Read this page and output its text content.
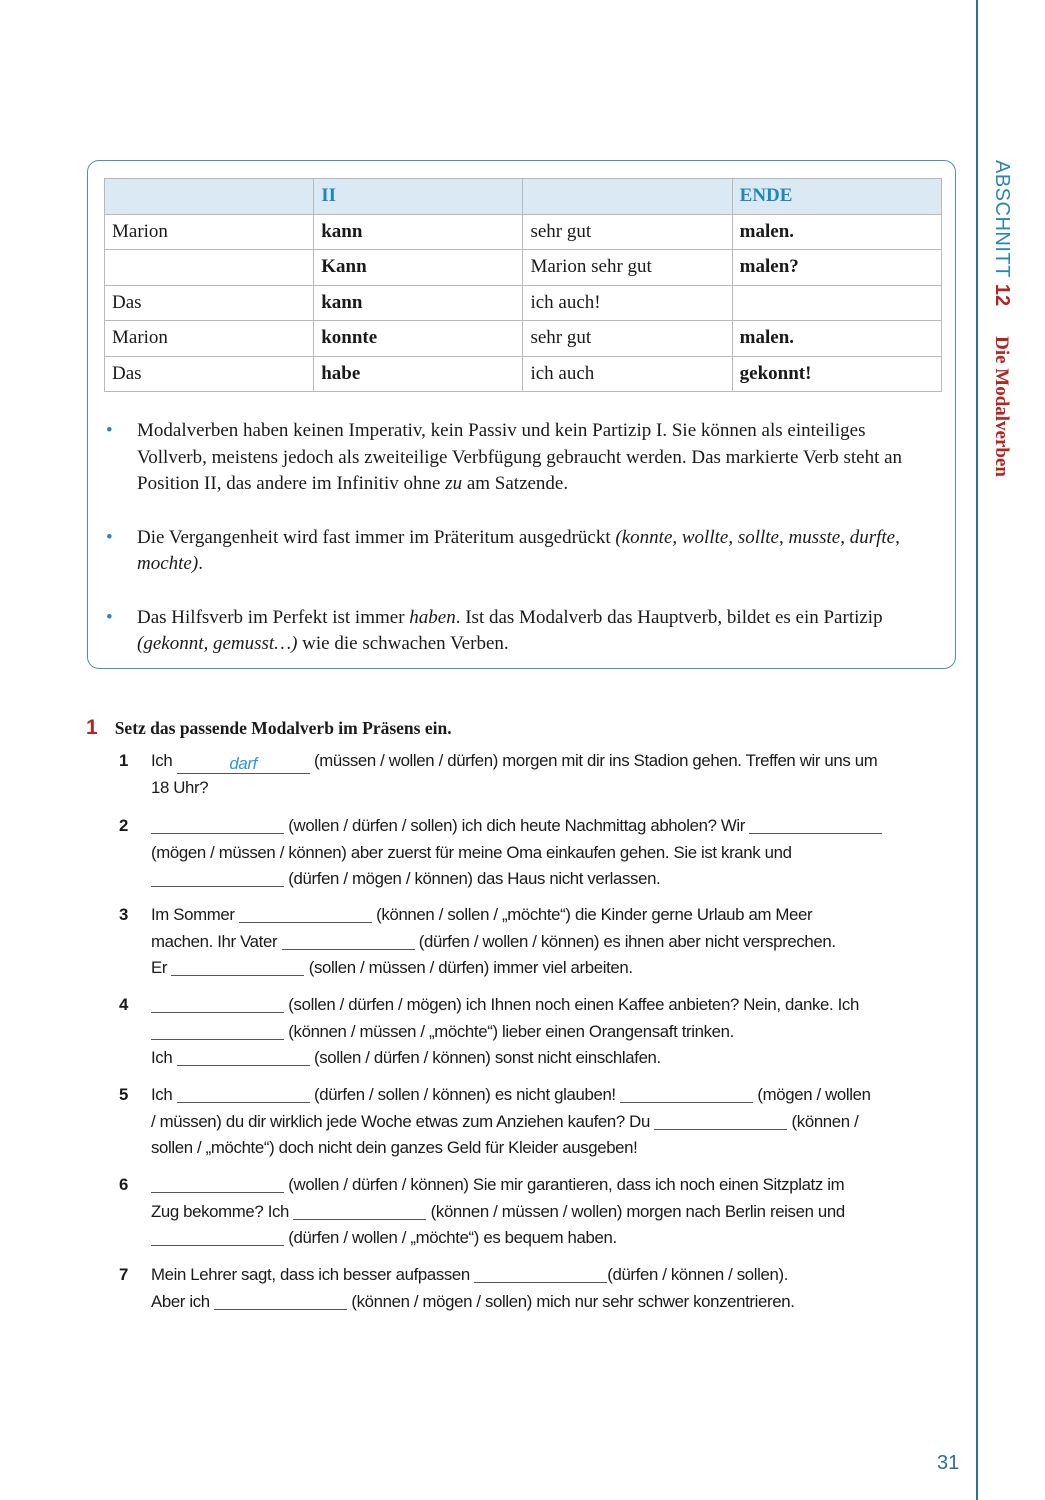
ABSCHNITT12Die Modalverben
	II		ENDE
Marion	kann	sehr gut	malen.
	Kann	Marion sehr gut	malen?
Das	kann	ich auch!	
Marion	konnte	sehr gut	malen.
Das	habe	ich auch	gekonnt!
• Modalverben haben keinen Imperativ, kein Passiv und kein Partizip I. Sie können als einteiliges Vollverb, meistens jedoch als zweiteilige Verbfügung gebraucht werden. Das markierte Verb steht an Position II, das andere im Infinitiv ohne zu am Satzende.
• Die Vergangenheit wird fast immer im Präteritum ausgedrückt (konnte, wollte, sollte, musste, durfte, mochte).
• Das Hilfsverb im Perfekt ist immer haben. Ist das Modalverb das Hauptverb, bildet es ein Partizip (gekonnt, gemusst…) wie die schwachen Verben.
1 Setz das passende Modalverb im Präsens ein.
1 Ich	darf	(müssen / wollen / dürfen) morgen mit dir ins Stadion gehen. Treffen wir uns um
18 Uhr?
2	(wollen / dürfen / sollen) ich dich heute Nachmittag abholen? Wir
(mögen / müssen / können) aber zuerst für meine Oma einkaufen gehen. Sie ist krank und
(dürfen / mögen / können) das Haus nicht verlassen.
3 Im Sommer	(können / sollen / „möchte“) die Kinder gerne Urlaub am Meer
machen. Ihr Vater	(dürfen / wollen / können) es ihnen aber nicht versprechen.
Er	(sollen / müssen / dürfen) immer viel arbeiten.
4	(sollen / dürfen / mögen) ich Ihnen noch einen Kaffee anbieten? Nein, danke. Ich
(können / müssen / „möchte“) lieber einen Orangensaft trinken.
Ich	(sollen / dürfen / können) sonst nicht einschlafen.
5 Ich	(dürfen / sollen / können) es nicht glauben!	(mögen / wollen
/ müssen) du dir wirklich jede Woche etwas zum Anziehen kaufen? Du	(können /
sollen / „möchte“) doch nicht dein ganzes Geld für Kleider ausgeben!
6	(wollen / dürfen / können) Sie mir garantieren, dass ich noch einen Sitzplatz im
Zug bekomme? Ich	(können / müssen / wollen) morgen nach Berlin reisen und
(dürfen / wollen / „möchte“) es bequem haben.
7 Mein Lehrer sagt, dass ich besser aufpassen	(dürfen / können / sollen).
Aber ich	(können / mögen / sollen) mich nur sehr schwer konzentrieren.
31
